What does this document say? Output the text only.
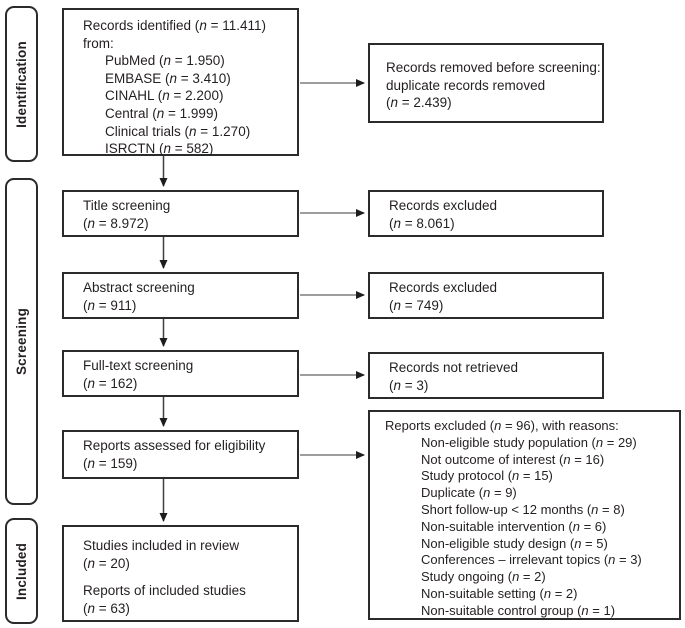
Identification
Screening
Included
Records identified (n = 11.411)
from:
PubMed (n = 1.950)
EMBASE (n = 3.410)
CINAHL (n = 2.200)
Central (n = 1.999)
Clinical trials (n = 1.270)
ISRCTN (n = 582)
Title screening
(n = 8.972)
Abstract screening
(n = 911)
Full-text screening
(n = 162)
Reports assessed for eligibility
(n = 159)
Studies included in review
(n = 20)
Reports of included studies
(n = 63)
Records removed before screening:
duplicate records removed
(n = 2.439)
Records excluded
(n = 8.061)
Records excluded
(n = 749)
Records not retrieved
(n = 3)
Reports excluded (n = 96), with reasons:
Non-eligible study population (n = 29)
Not outcome of interest (n = 16)
Study protocol (n = 15)
Duplicate (n = 9)
Short follow-up < 12 months (n = 8)
Non-suitable intervention (n = 6)
Non-eligible study design (n = 5)
Conferences – irrelevant topics (n = 3)
Study ongoing (n = 2)
Non-suitable setting (n = 2)
Non-suitable control group (n = 1)
